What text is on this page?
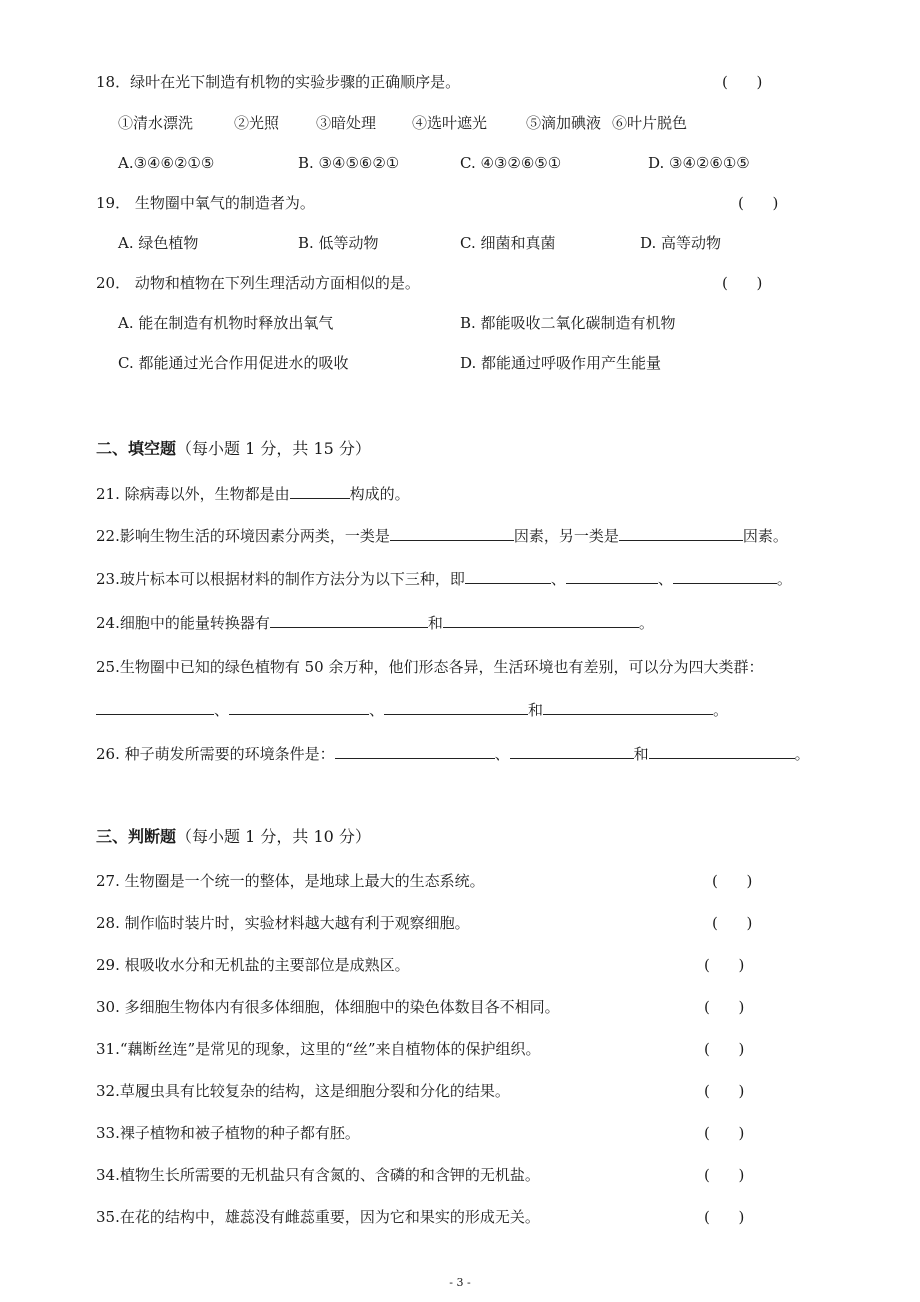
18．绿叶在光下制造有机物的实验步骤的正确顺序是。	(      )
①清水漂洗	②光照 ③暗处理 ④选叶遮光	⑤滴加碘液 ⑥叶片脱色
A.③④⑥②①⑤	B. ③④⑤⑥②①	C. ④③②⑥⑤①	D. ③④②⑥①⑤
19． 生物圈中氧气的制造者为。	(      )
A. 绿色植物	B. 低等动物	C. 细菌和真菌	D. 高等动物
20． 动物和植物在下列生理活动方面相似的是。	(      )
A. 能在制造有机物时释放出氧气	B. 都能吸收二氧化碳制造有机物
C. 都能通过光合作用促进水的吸收	D. 都能通过呼吸作用产生能量
二、填空题（每小题 1 分，共 15 分）
21. 除病毒以外，生物都是由	构成的。
22.影响生物生活的环境因素分两类，一类是	因素，另一类是	因素。
23.玻片标本可以根据材料的制作方法分为以下三种，即	、	、	。
24.细胞中的能量转换器有	和	。
25.生物圈中已知的绿色植物有 50 余万种，他们形态各异，生活环境也有差别，可以分为四大类群：
、	、	和	。
26. 种子萌发所需要的环境条件是：	、	和	。
三、判断题（每小题 1 分，共 10 分）
27. 生物圈是一个统一的整体，是地球上最大的生态系统。	(      )
28. 制作临时装片时，实验材料越大越有利于观察细胞。	(      )
29. 根吸收水分和无机盐的主要部位是成熟区。	(      )
30. 多细胞生物体内有很多体细胞，体细胞中的染色体数目各不相同。	(      )
31.“藕断丝连”是常见的现象，这里的“丝”来自植物体的保护组织。	(      )
32.草履虫具有比较复杂的结构，这是细胞分裂和分化的结果。	(      )
33.裸子植物和被子植物的种子都有胚。	(      )
34.植物生长所需要的无机盐只有含氮的、含磷的和含钾的无机盐。	(      )
35.在花的结构中，雄蕊没有雌蕊重要，因为它和果实的形成无关。	(      )
- 3 -
